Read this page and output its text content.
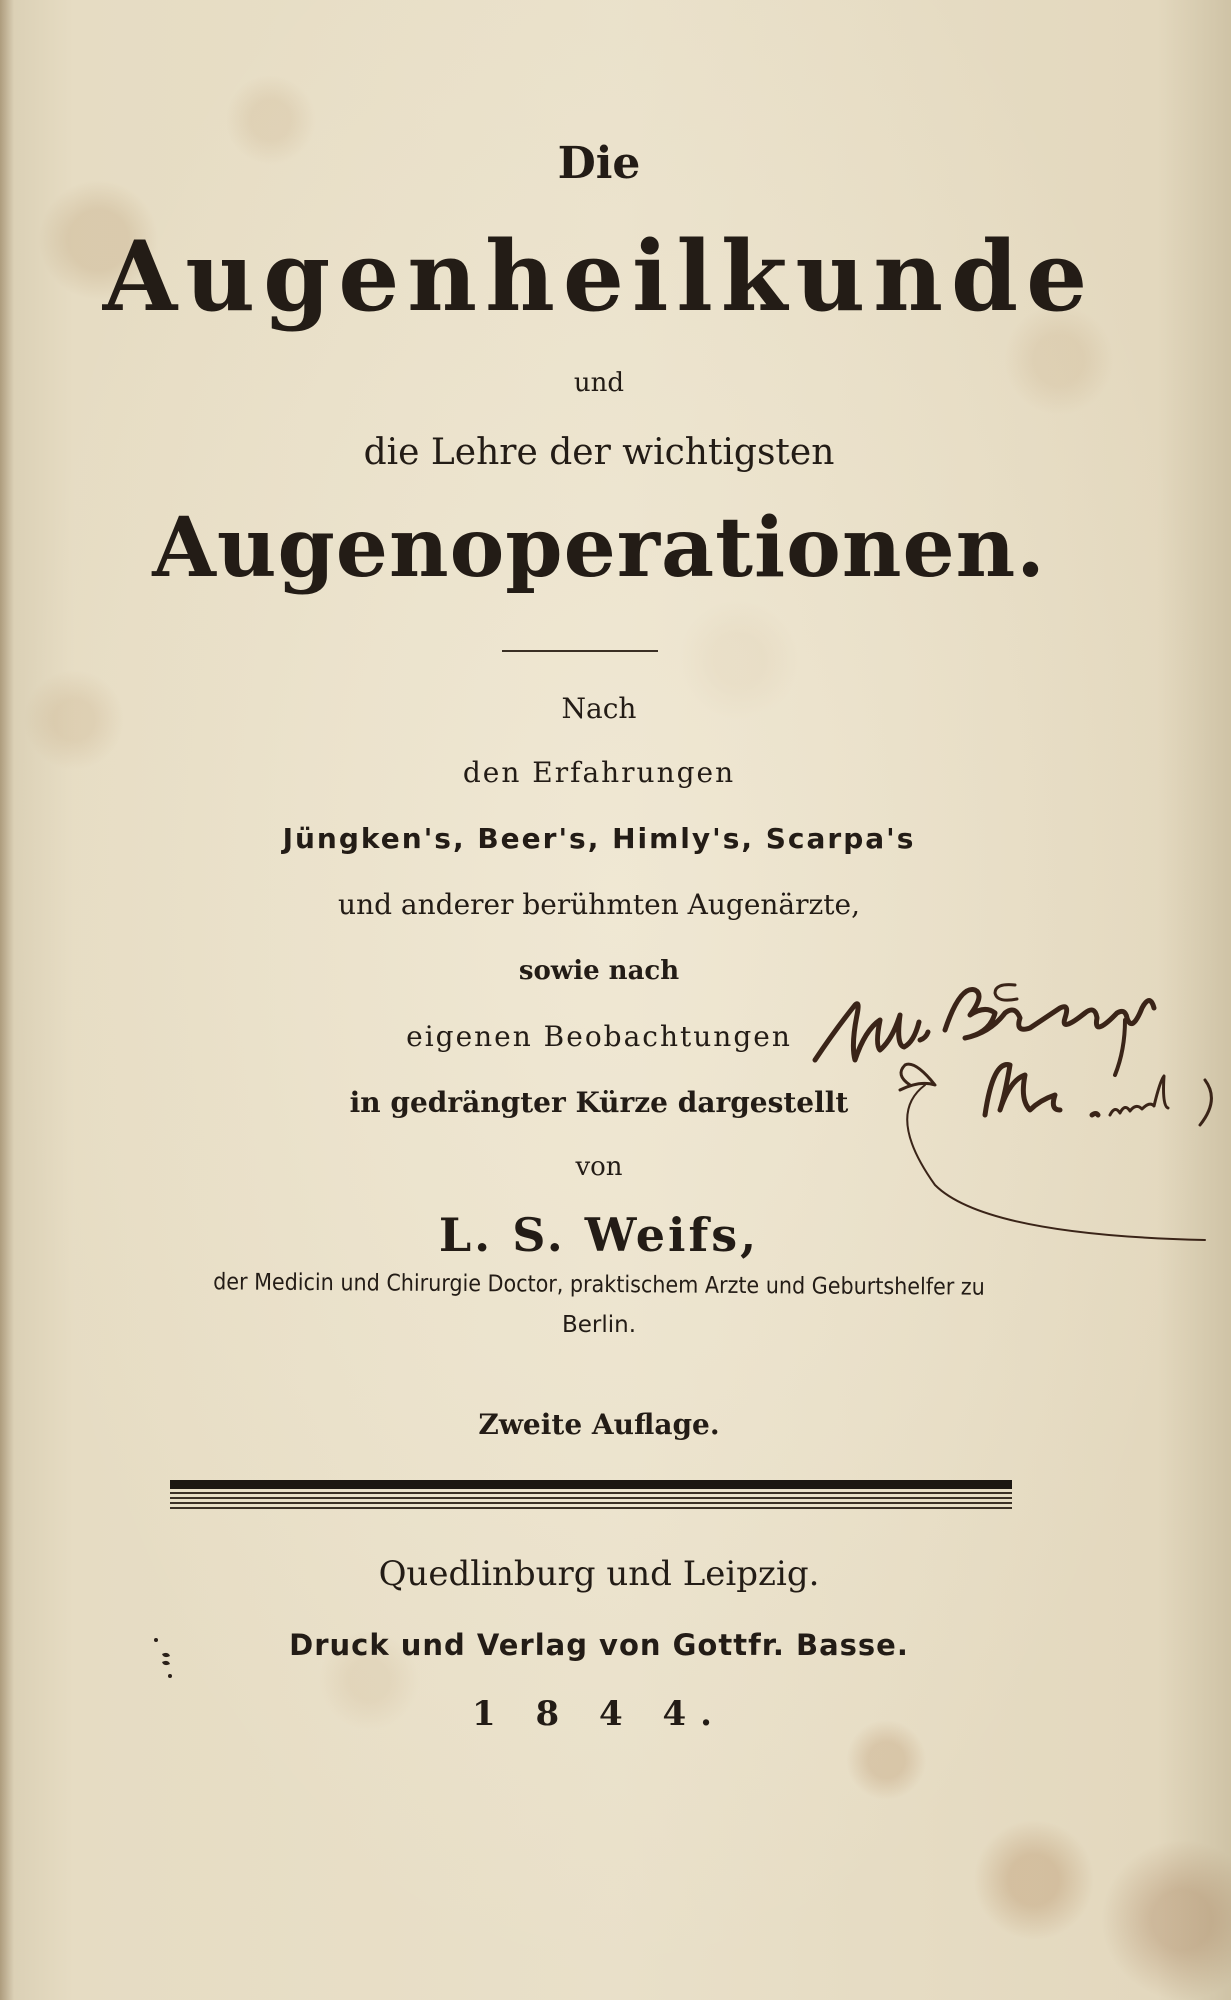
Die

Augenheilkunde

und

die Lehre der wichtigsten

Augenoperationen.

Nach

den Erfahrungen

Jüngken's, Beer's, Himly's, Scarpa's

und anderer berühmten Augenärzte,

sowie nach

eigenen Beobachtungen

in gedrängter Kürze dargestellt

von

L. S. Weifs,

der Medicin und Chirurgie Doctor, praktischem Arzte und Geburtshelfer zu

Berlin.

Zweite Auflage.

Quedlinburg und Leipzig.

Druck und Verlag von Gottfr. Basse.

1 8 4 4.
